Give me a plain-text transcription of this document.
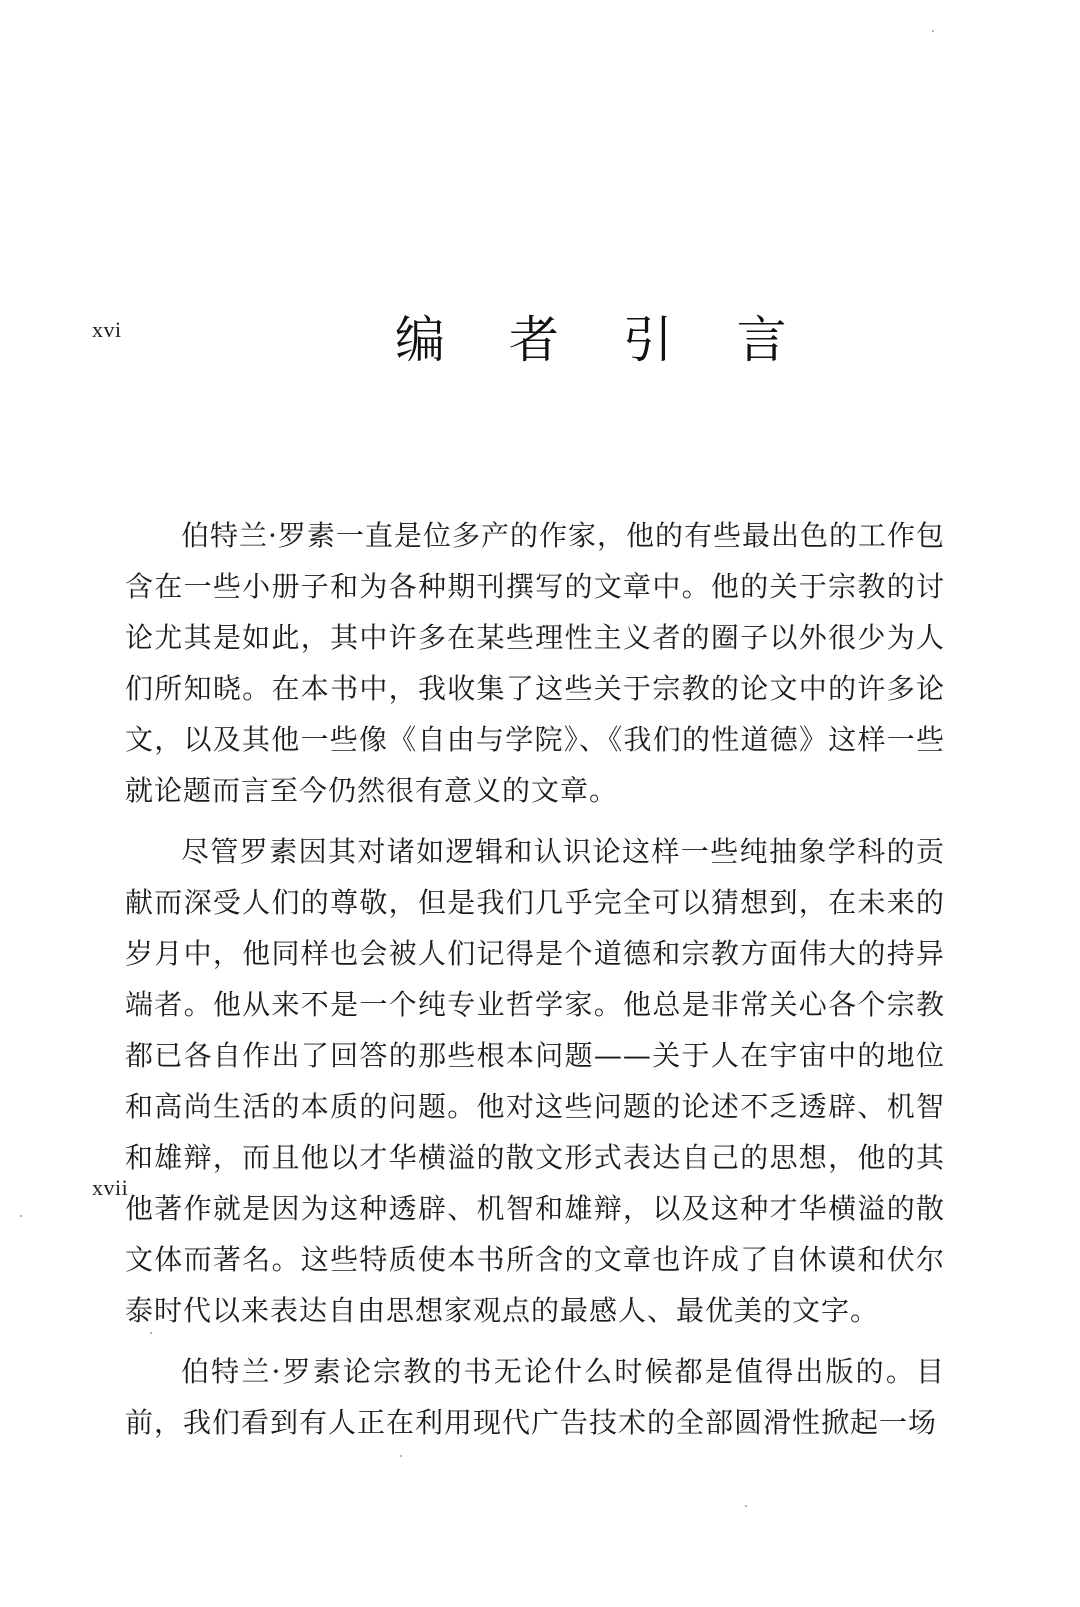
xvi	编 者 引 言

伯特兰·罗素一直是位多产的作家，他的有些最出色的工作包含在一些小册子和为各种期刊撰写的文章中。他的关于宗教的讨论尤其是如此，其中许多在某些理性主义者的圈子以外很少为人们所知晓。在本书中，我收集了这些关于宗教的论文中的许多论文，以及其他一些像《自由与学院》、《我们的性道德》这样一些就论题而言至今仍然很有意义的文章。

尽管罗素因其对诸如逻辑和认识论这样一些纯抽象学科的贡献而深受人们的尊敬，但是我们几乎完全可以猜想到，在未来的岁月中，他同样也会被人们记得是个道德和宗教方面伟大的持异端者。他从来不是一个纯专业哲学家。他总是非常关心各个宗教都已各自作出了回答的那些根本问题——关于人在宇宙中的地位和高尚生活的本质的问题。他对这些问题的论述不乏透辟、机智和雄辩，而且他以才华横溢的散文形式表达自己的思想，他的其他著作就是因为这种透辟、机智和雄辩，以及这种才华横溢的散文体而著名。这些特质使本书所含的文章也许成了自休谟和伏尔泰时代以来表达自由思想家观点的最感人、最优美的文字。

伯特兰·罗素论宗教的书无论什么时候都是值得出版的。目前，我们看到有人正在利用现代广告技术的全部圆滑性掀起一场

xvii
